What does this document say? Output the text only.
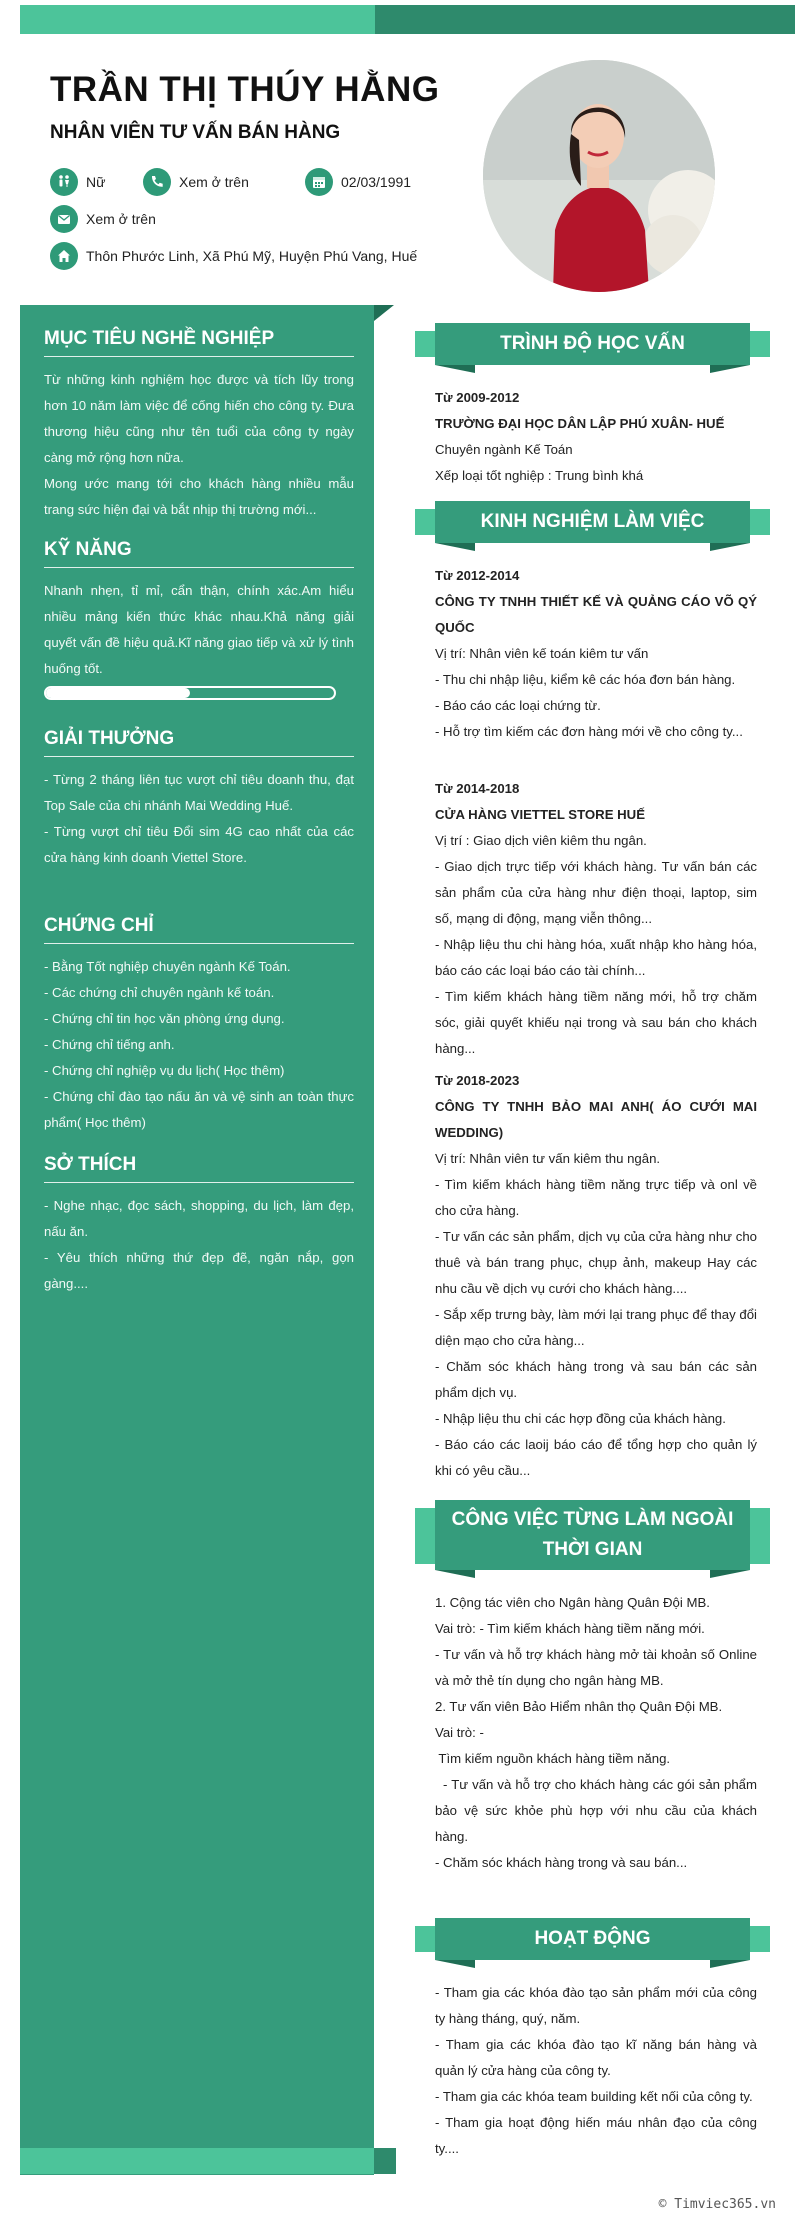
TRẦN THỊ THÚY HẰNG
NHÂN VIÊN TƯ VẤN BÁN HÀNG
Nữ	Xem ở trên	02/03/1991
Xem ở trên
Thôn Phước Linh, Xã Phú Mỹ, Huyện Phú Vang, Huế
MỤC TIÊU NGHỀ NGHIỆP
Từ những kinh nghiệm học được và tích lũy trong hơn 10 năm làm việc để cống hiến cho công ty. Đưa thương hiệu cũng như tên tuổi của công ty ngày càng mở rộng hơn nữa.
Mong ước mang tới cho khách hàng nhiều mẫu trang sức hiện đại và bắt nhịp thị trường mới...
KỸ NĂNG
Nhanh nhẹn, tỉ mỉ, cẩn thận, chính xác.Am hiểu nhiều mảng kiến thức khác nhau.Khả năng giải quyết vấn đề hiệu quả.Kĩ năng giao tiếp và xử lý tình huống tốt.
GIẢI THƯỞNG
- Từng 2 tháng liên tục vượt chỉ tiêu doanh thu, đạt Top Sale của chi nhánh Mai Wedding Huế.
- Từng vượt chỉ tiêu Đổi sim 4G cao nhất của các cửa hàng kinh doanh Viettel Store.
CHỨNG CHỈ
- Bằng Tốt nghiệp chuyên ngành Kế Toán.
- Các chứng chỉ chuyên ngành kế toán.
- Chứng chỉ tin học văn phòng ứng dụng.
- Chứng chỉ tiếng anh.
- Chứng chỉ nghiệp vụ du lịch( Học thêm)
- Chứng chỉ đào tạo nấu ăn và vệ sinh an toàn thực phẩm( Học thêm)
SỞ THÍCH
- Nghe nhạc, đọc sách, shopping, du lịch, làm đẹp, nấu ăn.
- Yêu thích những thứ đẹp đẽ, ngăn nắp, gọn gàng....
TRÌNH ĐỘ HỌC VẤN
Từ 2009-2012
TRƯỜNG ĐẠI HỌC DÂN LẬP PHÚ XUÂN- HUẾ
Chuyên ngành Kế Toán
Xếp loại tốt nghiệp : Trung bình khá
KINH NGHIỆM LÀM VIỆC
Từ 2012-2014
CÔNG TY TNHH THIẾT KẾ VÀ QUẢNG CÁO VÕ QÝ QUỐC
Vị trí: Nhân viên kế toán kiêm tư vấn
- Thu chi nhập liệu, kiểm kê các hóa đơn bán hàng.
- Báo cáo các loại chứng từ.
- Hỗ trợ tìm kiếm các đơn hàng mới về cho công ty...
Từ 2014-2018
CỬA HÀNG VIETTEL STORE HUẾ
Vị trí : Giao dịch viên kiêm thu ngân.
- Giao dịch trực tiếp với khách hàng. Tư vấn bán các sản phẩm của cửa hàng như điện thoại, laptop, sim số, mạng di động, mạng viễn thông...
- Nhập liệu thu chi hàng hóa, xuất nhập kho hàng hóa, báo cáo các loại báo cáo tài chính...
- Tìm kiếm khách hàng tiềm năng mới, hỗ trợ chăm sóc, giải quyết khiếu nại trong và sau bán cho khách hàng...
Từ 2018-2023
CÔNG TY TNHH BẢO MAI ANH( ÁO CƯỚI MAI WEDDING)
Vị trí: Nhân viên tư vấn kiêm thu ngân.
- Tìm kiếm khách hàng tiềm năng trực tiếp và onl về cho cửa hàng.
- Tư vấn các sản phẩm, dịch vụ của cửa hàng như cho thuê và bán trang phục, chụp ảnh, makeup Hay các nhu cầu về dịch vụ cưới cho khách hàng....
- Sắp xếp trưng bày, làm mới lại trang phục để thay đổi diện mạo cho cửa hàng...
- Chăm sóc khách hàng trong và sau bán các sản phẩm dịch vụ.
- Nhập liệu thu chi các hợp đồng của khách hàng.
- Báo cáo các laoij báo cáo để tổng hợp cho quản lý khi có yêu cầu...
CÔNG VIỆC TỪNG LÀM NGOÀI
THỜI GIAN
1. Cộng tác viên cho Ngân hàng Quân Đội MB.
Vai trò: - Tìm kiếm khách hàng tiềm năng mới.
- Tư vấn và hỗ trợ khách hàng mở tài khoản số Online và mở thẻ tín dụng cho ngân hàng MB.
2. Tư vấn viên Bảo Hiểm nhân thọ Quân Đội MB.
Vai trò: -
Tìm kiếm nguồn khách hàng tiềm năng.
- Tư vấn và hỗ trợ cho khách hàng các gói sản phẩm bảo vệ sức khỏe phù hợp với nhu cầu của khách hàng.
- Chăm sóc khách hàng trong và sau bán...
HOẠT ĐỘNG
- Tham gia các khóa đào tạo sản phẩm mới của công ty hàng tháng, quý, năm.
- Tham gia các khóa đào tạo kĩ năng bán hàng và quản lý cửa hàng của công ty.
- Tham gia các khóa team building kết nối của công ty.
- Tham gia hoạt động hiến máu nhân đạo của công ty....
© Timviec365.vn
